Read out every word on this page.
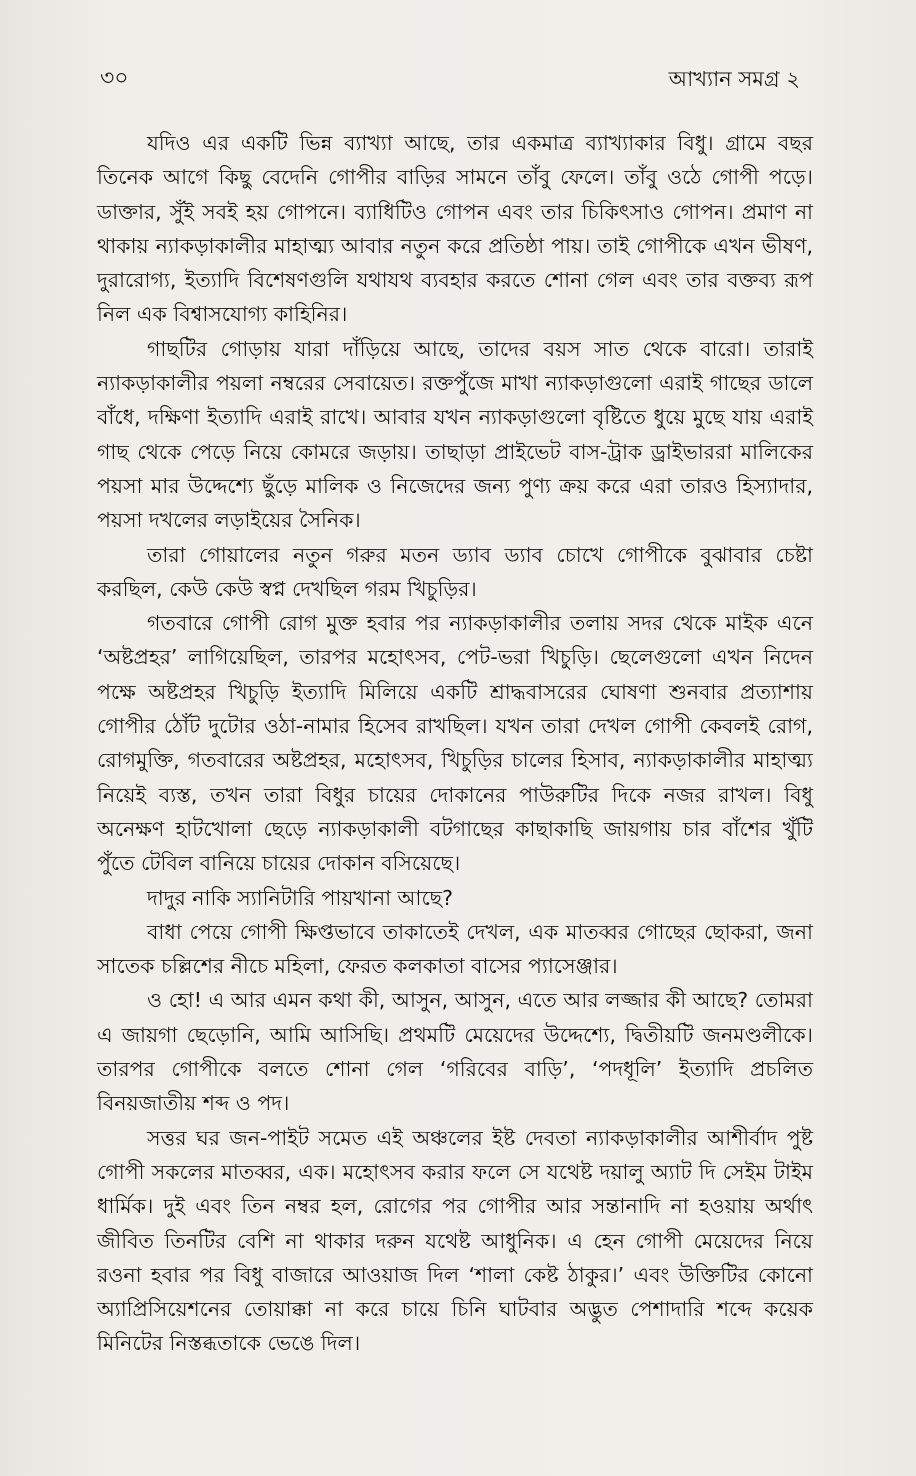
৩০	আখ্যান সমগ্র ২

যদিও এর একটি ভিন্ন ব্যাখ্যা আছে, তার একমাত্র ব্যাখ্যাকার বিধু। গ্রামে বছর তিনেক আগে কিছু বেদেনি গোপীর বাড়ির সামনে তাঁবু ফেলে। তাঁবু ওঠে গোপী পড়ে। ডাক্তার, সুঁই সবই হয় গোপনে। ব্যাধিটিও গোপন এবং তার চিকিৎসাও গোপন। প্রমাণ না থাকায় ন্যাকড়াকালীর মাহাত্ম্য আবার নতুন করে প্রতিষ্ঠা পায়। তাই গোপীকে এখন ভীষণ, দুরারোগ্য, ইত্যাদি বিশেষণগুলি যথাযথ ব্যবহার করতে শোনা গেল এবং তার বক্তব্য রূপ নিল এক বিশ্বাসযোগ্য কাহিনির।

গাছটির গোড়ায় যারা দাঁড়িয়ে আছে, তাদের বয়স সাত থেকে বারো। তারাই ন্যাকড়াকালীর পয়লা নম্বরের সেবায়েত। রক্তপুঁজে মাখা ন্যাকড়াগুলো এরাই গাছের ডালে বাঁধে, দক্ষিণা ইত্যাদি এরাই রাখে। আবার যখন ন্যাকড়াগুলো বৃষ্টিতে ধুয়ে মুছে যায় এরাই গাছ থেকে পেড়ে নিয়ে কোমরে জড়ায়। তাছাড়া প্রাইভেট বাস-ট্রাক ড্রাইভাররা মালিকের পয়সা মার উদ্দেশ্যে ছুঁড়ে মালিক ও নিজেদের জন্য পুণ্য ক্রয় করে এরা তারও হিস্যাদার, পয়সা দখলের লড়াইয়ের সৈনিক।

তারা গোয়ালের নতুন গরুর মতন ড্যাব ড্যাব চোখে গোপীকে বুঝাবার চেষ্টা করছিল, কেউ কেউ স্বপ্ন দেখছিল গরম খিচুড়ির।

গতবারে গোপী রোগ মুক্ত হবার পর ন্যাকড়াকালীর তলায় সদর থেকে মাইক এনে ‘অষ্টপ্রহর’ লাগিয়েছিল, তারপর মহোৎসব, পেট-ভরা খিচুড়ি। ছেলেগুলো এখন নিদেন পক্ষে অষ্টপ্রহর খিচুড়ি ইত্যাদি মিলিয়ে একটি শ্রাদ্ধবাসরের ঘোষণা শুনবার প্রত্যাশায় গোপীর ঠোঁট দুটোর ওঠা-নামার হিসেব রাখছিল। যখন তারা দেখল গোপী কেবলই রোগ, রোগমুক্তি, গতবারের অষ্টপ্রহর, মহোৎসব, খিচুড়ির চালের হিসাব, ন্যাকড়াকালীর মাহাত্ম্য নিয়েই ব্যস্ত, তখন তারা বিধুর চায়ের দোকানের পাউরুটির দিকে নজর রাখল। বিধু অনেক্ষণ হাটখোলা ছেড়ে ন্যাকড়াকালী বটগাছের কাছাকাছি জায়গায় চার বাঁশের খুঁটি পুঁতে টেবিল বানিয়ে চায়ের দোকান বসিয়েছে।

দাদুর নাকি স্যানিটারি পায়খানা আছে?

বাধা পেয়ে গোপী ক্ষিপ্তভাবে তাকাতেই দেখল, এক মাতব্বর গোছের ছোকরা, জনা সাতেক চল্লিশের নীচে মহিলা, ফেরত কলকাতা বাসের প্যাসেঞ্জার।

ও হো! এ আর এমন কথা কী, আসুন, আসুন, এতে আর লজ্জার কী আছে? তোমরা এ জায়গা ছেড়োনি, আমি আসিছি। প্রথমটি মেয়েদের উদ্দেশ্যে, দ্বিতীয়টি জনমণ্ডলীকে। তারপর গোপীকে বলতে শোনা গেল ‘গরিবের বাড়ি’, ‘পদধূলি’ ইত্যাদি প্রচলিত বিনয়জাতীয় শব্দ ও পদ।

সত্তর ঘর জন-পাইট সমেত এই অঞ্চলের ইষ্ট দেবতা ন্যাকড়াকালীর আশীর্বাদ পুষ্ট গোপী সকলের মাতব্বর, এক। মহোৎসব করার ফলে সে যথেষ্ট দয়ালু অ্যাট দি সেইম টাইম ধার্মিক। দুই এবং তিন নম্বর হল, রোগের পর গোপীর আর সন্তানাদি না হওয়ায় অর্থাৎ জীবিত তিনটির বেশি না থাকার দরুন যথেষ্ট আধুনিক। এ হেন গোপী মেয়েদের নিয়ে রওনা হবার পর বিধু বাজারে আওয়াজ দিল ‘শালা কেষ্ট ঠাকুর।’ এবং উক্তিটির কোনো অ্যাপ্রিসিয়েশনের তোয়াক্কা না করে চায়ে চিনি ঘাটবার অদ্ভুত পেশাদারি শব্দে কয়েক মিনিটের নিস্তব্ধতাকে ভেঙে দিল।
